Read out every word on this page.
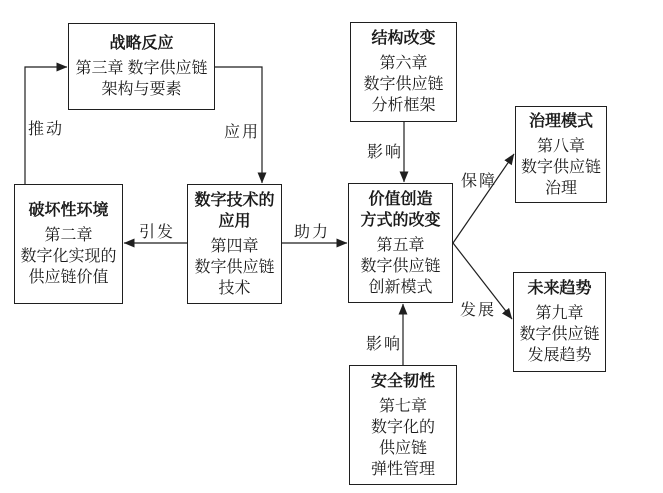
战略反应
第三章 数字供应链
架构与要素
结构改变
第六章
数字供应链
分析框架
治理模式
第八章
数字供应链
治理
破坏性环境
第二章
数字化实现的
供应链价值
数字技术的
应用
第四章
数字供应链
技术
价值创造
方式的改变
第五章
数字供应链
创新模式	未来趋势
第九章
数字供应链
发展趋势
安全韧性
第七章
数字化的
供应链
弹性管理
推动	应用
引发	助力
影响
保障
发展
影响
